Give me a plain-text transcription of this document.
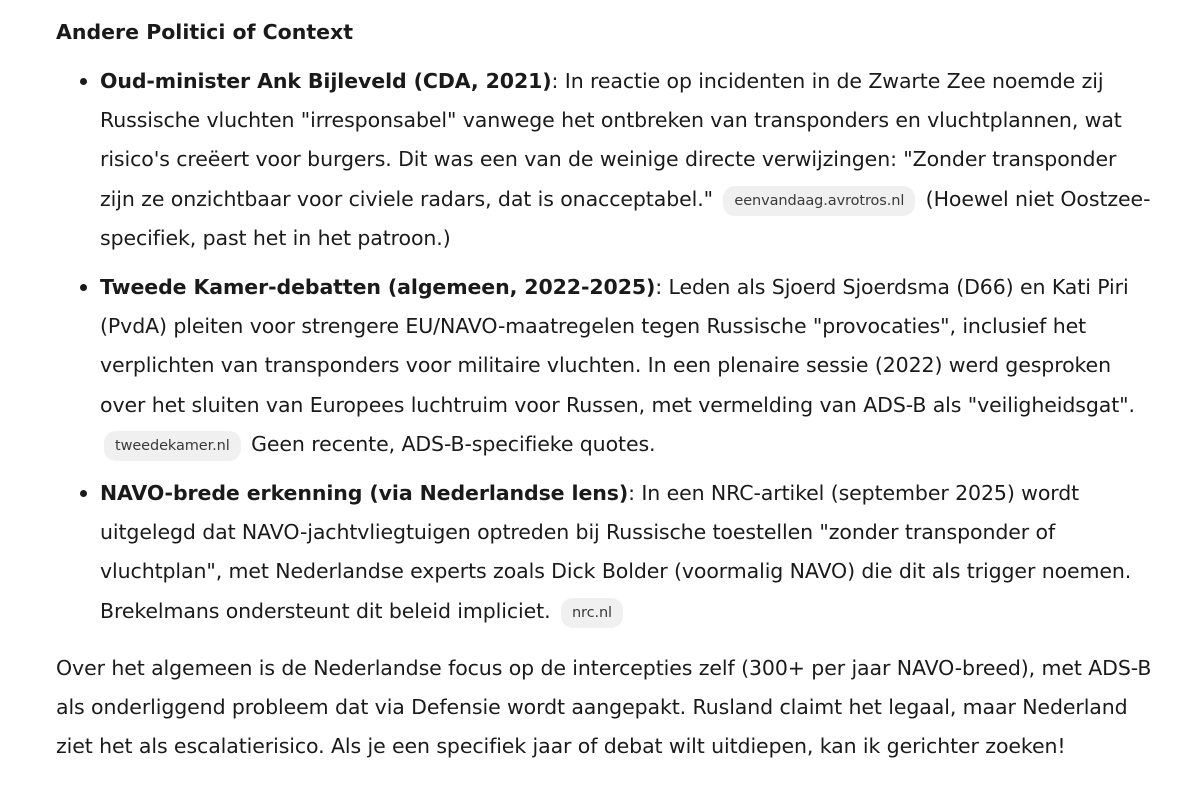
Andere Politici of Context
Oud-minister Ank Bijleveld (CDA, 2021): In reactie op incidenten in de Zwarte Zee noemde zij Russische vluchten "irresponsabel" vanwege het ontbreken van transponders en vluchtplannen, wat risico's creëert voor burgers. Dit was een van de weinige directe verwijzingen: "Zonder transponder zijn ze onzichtbaar voor civiele radars, dat is onacceptabel." eenvandaag.avrotros.nl (Hoewel niet Oostzee-specifiek, past het in het patroon.)
Tweede Kamer-debatten (algemeen, 2022-2025): Leden als Sjoerd Sjoerdsma (D66) en Kati Piri (PvdA) pleiten voor strengere EU/NAVO-maatregelen tegen Russische "provocaties", inclusief het verplichten van transponders voor militaire vluchten. In een plenaire sessie (2022) werd gesproken over het sluiten van Europees luchtruim voor Russen, met vermelding van ADS-B als "veiligheidsgat". tweedekamer.nl Geen recente, ADS-B-specifieke quotes.
NAVO-brede erkenning (via Nederlandse lens): In een NRC-artikel (september 2025) wordt uitgelegd dat NAVO-jachtvliegtuigen optreden bij Russische toestellen "zonder transponder of vluchtplan", met Nederlandse experts zoals Dick Bolder (voormalig NAVO) die dit als trigger noemen. Brekelmans ondersteunt dit beleid impliciet. nrc.nl

Over het algemeen is de Nederlandse focus op de intercepties zelf (300+ per jaar NAVO-breed), met ADS-B als onderliggend probleem dat via Defensie wordt aangepakt. Rusland claimt het legaal, maar Nederland ziet het als escalatierisico. Als je een specifiek jaar of debat wilt uitdiepen, kan ik gerichter zoeken!
